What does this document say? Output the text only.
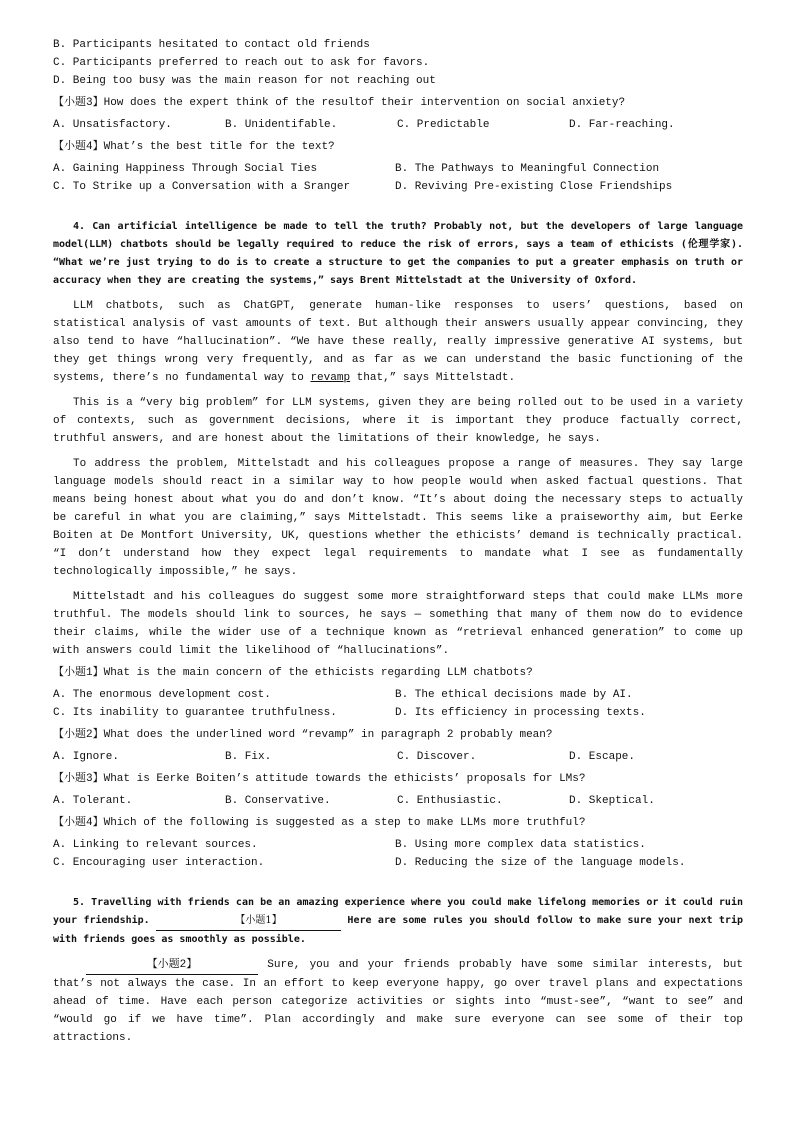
B. Participants hesitated to contact old friends
C. Participants preferred to reach out to ask for favors.
D. Being too busy was the main reason for not reaching out
【小题3】How does the expert think of the resultof their intervention on social anxiety?
A. Unsatisfactory.	B. Unidentifable.	C. Predictable	D. Far-reaching.
【小题4】What’s the best title for the text?
A. Gaining Happiness Through Social Ties	B. The Pathways to Meaningful Connection
C. To Strike up a Conversation with a Sranger	D. Reviving Pre-existing Close Friendships
4. Can artificial intelligence be made to tell the truth? Probably not, but the developers of large language model(LLM) chatbots should be legally required to reduce the risk of errors, says a team of ethicists (伦理学家). “What we’re just trying to do is to create a structure to get the companies to put a greater emphasis on truth or accuracy when they are creating the systems,” says Brent Mittelstadt at the University of Oxford.
LLM chatbots, such as ChatGPT, generate human-like responses to users’ questions, based on statistical analysis of vast amounts of text. But although their answers usually appear convincing, they also tend to have “hallucination”. “We have these really, really impressive generative AI systems, but they get things wrong very frequently, and as far as we can understand the basic functioning of the systems, there’s no fundamental way to revamp that,” says Mittelstadt.
This is a “very big problem” for LLM systems, given they are being rolled out to be used in a variety of contexts, such as government decisions, where it is important they produce factually correct, truthful answers, and are honest about the limitations of their knowledge, he says.
To address the problem, Mittelstadt and his colleagues propose a range of measures. They say large language models should react in a similar way to how people would when asked factual questions. That means being honest about what you do and don’t know. “It’s about doing the necessary steps to actually be careful in what you are claiming,” says Mittelstadt. This seems like a praiseworthy aim, but Eerke Boiten at De Montfort University, UK, questions whether the ethicists’ demand is technically practical. “I don’t understand how they expect legal requirements to mandate what I see as fundamentally technologically impossible,” he says.
Mittelstadt and his colleagues do suggest some more straightforward steps that could make LLMs more truthful. The models should link to sources, he says — something that many of them now do to evidence their claims, while the wider use of a technique known as “retrieval enhanced generation” to come up with answers could limit the likelihood of “hallucinations”.
【小题1】What is the main concern of the ethicists regarding LLM chatbots?
A. The enormous development cost.	B. The ethical decisions made by AI.
C. Its inability to guarantee truthfulness.	D. Its efficiency in processing texts.
【小题2】What does the underlined word “revamp” in paragraph 2 probably mean?
A. Ignore.	B. Fix.	C. Discover.	D. Escape.
【小题3】What is Eerke Boiten’s attitude towards the ethicists’ proposals for LMs?
A. Tolerant.	B. Conservative.	C. Enthusiastic.	D. Skeptical.
【小题4】Which of the following is suggested as a step to make LLMs more truthful?
A. Linking to relevant sources.	B. Using more complex data statistics.
C. Encouraging user interaction.	D. Reducing the size of the language models.
5. Travelling with friends can be an amazing experience where you could make lifelong memories or it could ruin your friendship.	【小题1】	Here are some rules you should follow to make sure your next trip with friends goes as smoothly as possible.
【小题2】	Sure, you and your friends probably have some similar interests, but that’s not always the case. In an effort to keep everyone happy, go over travel plans and expectations ahead of time. Have each person categorize activities or sights into “must-see”, “want to see” and “would go if we have time”. Plan accordingly and make sure everyone can see some of their top attractions.
